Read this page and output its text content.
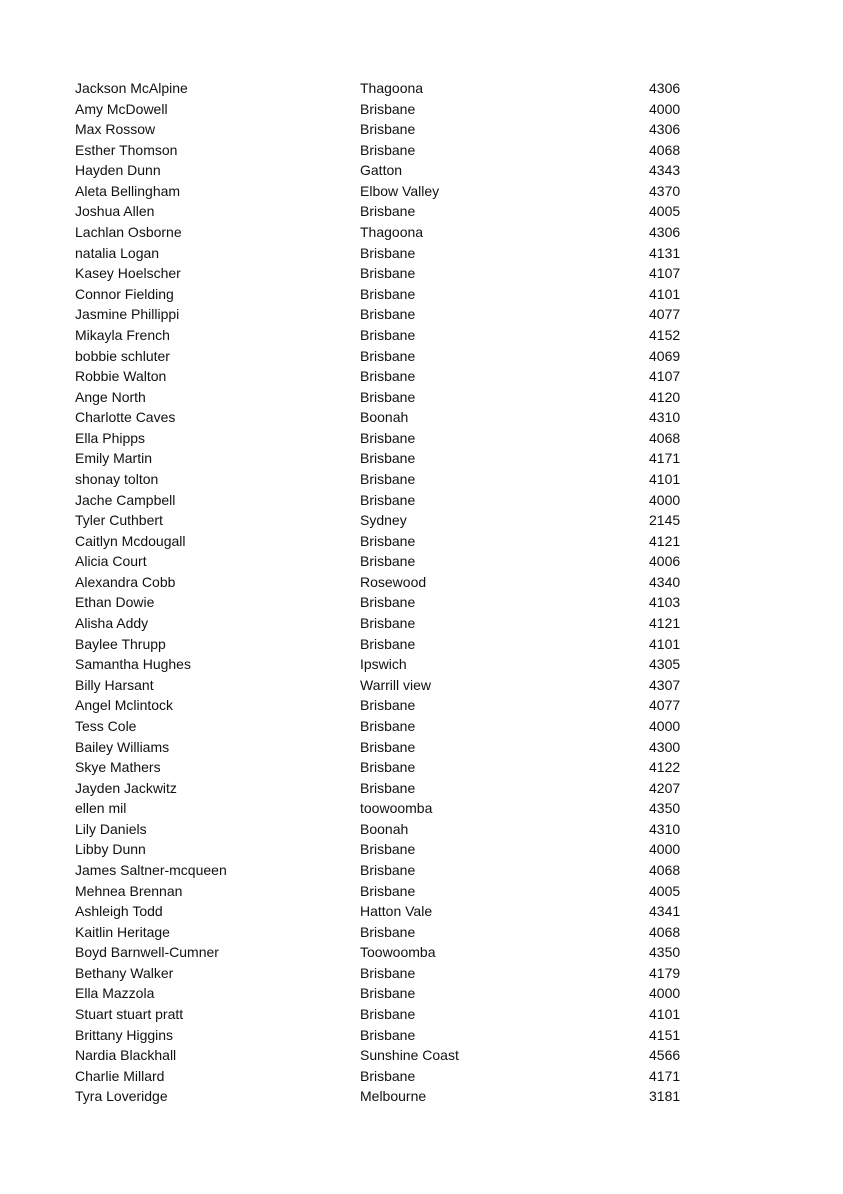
Jackson McAlpine	Thagoona	4306
Amy McDowell	Brisbane	4000
Max Rossow	Brisbane	4306
Esther Thomson	Brisbane	4068
Hayden Dunn	Gatton	4343
Aleta Bellingham	Elbow Valley	4370
Joshua Allen	Brisbane	4005
Lachlan Osborne	Thagoona	4306
natalia Logan	Brisbane	4131
Kasey Hoelscher	Brisbane	4107
Connor Fielding	Brisbane	4101
Jasmine Phillippi	Brisbane	4077
Mikayla French	Brisbane	4152
bobbie schluter	Brisbane	4069
Robbie Walton	Brisbane	4107
Ange North	Brisbane	4120
Charlotte Caves	Boonah	4310
Ella Phipps	Brisbane	4068
Emily Martin	Brisbane	4171
shonay tolton	Brisbane	4101
Jache Campbell	Brisbane	4000
Tyler Cuthbert	Sydney	2145
Caitlyn Mcdougall	Brisbane	4121
Alicia Court	Brisbane	4006
Alexandra Cobb	Rosewood	4340
Ethan Dowie	Brisbane	4103
Alisha Addy	Brisbane	4121
Baylee Thrupp	Brisbane	4101
Samantha Hughes	Ipswich	4305
Billy Harsant	Warrill view	4307
Angel Mclintock	Brisbane	4077
Tess Cole	Brisbane	4000
Bailey Williams	Brisbane	4300
Skye Mathers	Brisbane	4122
Jayden Jackwitz	Brisbane	4207
ellen mil	toowoomba	4350
Lily Daniels	Boonah	4310
Libby Dunn	Brisbane	4000
James Saltner-mcqueen	Brisbane	4068
Mehnea Brennan	Brisbane	4005
Ashleigh Todd	Hatton Vale	4341
Kaitlin Heritage	Brisbane	4068
Boyd Barnwell-Cumner	Toowoomba	4350
Bethany Walker	Brisbane	4179
Ella Mazzola	Brisbane	4000
Stuart stuart pratt	Brisbane	4101
Brittany Higgins	Brisbane	4151
Nardia Blackhall	Sunshine Coast	4566
Charlie Millard	Brisbane	4171
Tyra Loveridge	Melbourne	3181
